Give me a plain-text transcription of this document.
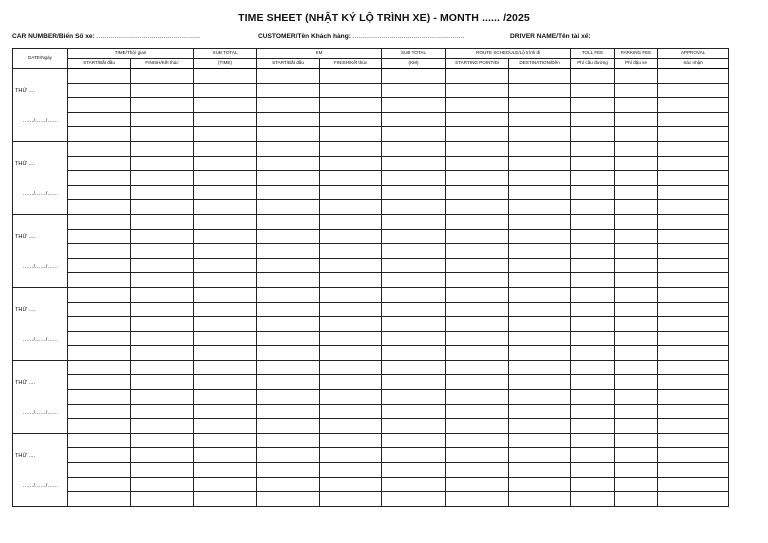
TIME SHEET (NHẬT KÝ LỘ TRÌNH XE) - MONTH ...... /2025
CAR NUMBER/Biển Số xe: ...................................................	CUSTOMER/Tên Khách hàng: .......................................................	DRIVER NAME/Tên tài xế:
DATE/Ngày	TIME/Thời gian		SUB TOTAL	KM		SUB TOTAL	ROUTE SCHEDULE/Lộ trình đi		TOLL FEE	PARKING FEE	APPROVAL
	START/Bắt đầu	FINISH/Kết thúc	(TIME)	START/Bắt đầu	FINISH/Kết thúc	(KM)	STARTING POINT/Đi	DESTINATION/Đến	Phí cầu đường	Phí đậu xe	Xác nhận

THỨ ....
....../....../......											

THỨ ....
....../....../......											

THỨ ....
....../....../......											

THỨ ....
....../....../......											

THỨ ....
....../....../......											

THỨ ....
....../....../......											
